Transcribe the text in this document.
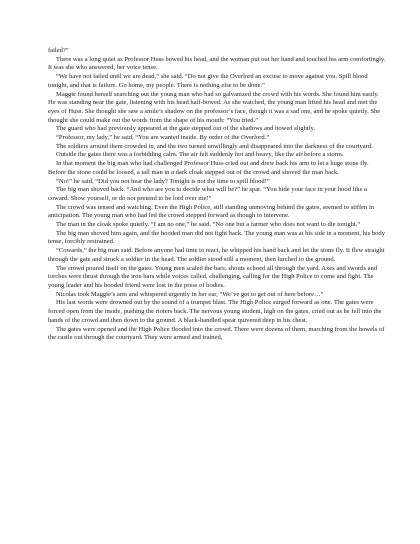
failed?”

There was a long quiet as Professor Huss bowed his head, and the woman put out her hand and touched his arm comfortingly. It was she who answered, her voice tense.

“We have not failed until we are dead,” she said. “Do not give the Overlord an excuse to move against you. Spill blood tonight, and that is failure. Go home, my people. There is nothing else to be done.”

Maggie found herself searching out the young man who had so galvanized the crowd with his words. She found him easily. He was standing near the gate, listening with his head half-bowed. As she watched, the young man lifted his head and met the eyes of Huss. She thought she saw a smile’s shadow on the professor’s face, though it was a sad one, and he spoke quietly. She thought she could make out the words from the shape of his mouth: “You tried.”

The guard who had previously appeared at the gate stepped out of the shadows and bowed slightly.

“Professor, my lady,” he said, “You are wanted inside. By order of the Overlord.”

The soldiers around them crowded in, and the two turned unwillingly and disappeared into the darkness of the courtyard.

Outside the gates there was a forbidding calm. The air felt suddenly hot and heavy, like the air before a storm.

In that moment the big man who had challenged Professor Huss cried out and drew back his arm to let a huge stone fly. Before the stone could be loosed, a tall man in a dark cloak stepped out of the crowd and shoved the man back.

“No!” he said. “Did you not hear the lady? Tonight is not the time to spill blood!”

The big man shoved back. “And who are you to decide what will be?” he spat. “You hide your face in your hood like a coward. Show yourself, or do not pretend to be lord over me!”

The crowd was tensed and watching. Even the High Police, still standing unmoving behind the gates, seemed to stiffen in anticipation. The young man who had led the crowd stepped forward as though to intervene.

The man in the cloak spoke quietly. “I am no one,” he said. “No one but a farmer who does not want to die tonight.”

The big man shoved him again, and the hooded man did not fight back. The young man was at his side in a moment, his body tense, forcibly restrained.

“Cowards,” the big man said. Before anyone had time to react, he whipped his hand back and let the stone fly. It flew straight through the gate and struck a soldier in the head. The soldier stood still a moment, then lurched to the ground.

The crowd poured itself on the gates. Young men scaled the bars; shouts echoed all through the yard. Axes and swords and torches were thrust through the iron bars while voices called, challenging, calling for the High Police to come and fight. The young leader and his hooded friend were lost in the press of bodies.

Nicolas took Maggie’s arm and whispered urgently in her ear, “We’ve got to get out of here before…”

His last words were drowned out by the sound of a trumpet blast. The High Police surged forward as one. The gates were forced open from the inside, pushing the rioters back. The nervous young student, high on the gates, cried out as he fell into the hands of the crowd and then down to the ground. A black-handled spear quivered deep in his chest.

The gates were opened and the High Police flooded into the crowd. There were dozens of them, marching from the bowels of the castle out through the courtyard. They were armed and trained,
